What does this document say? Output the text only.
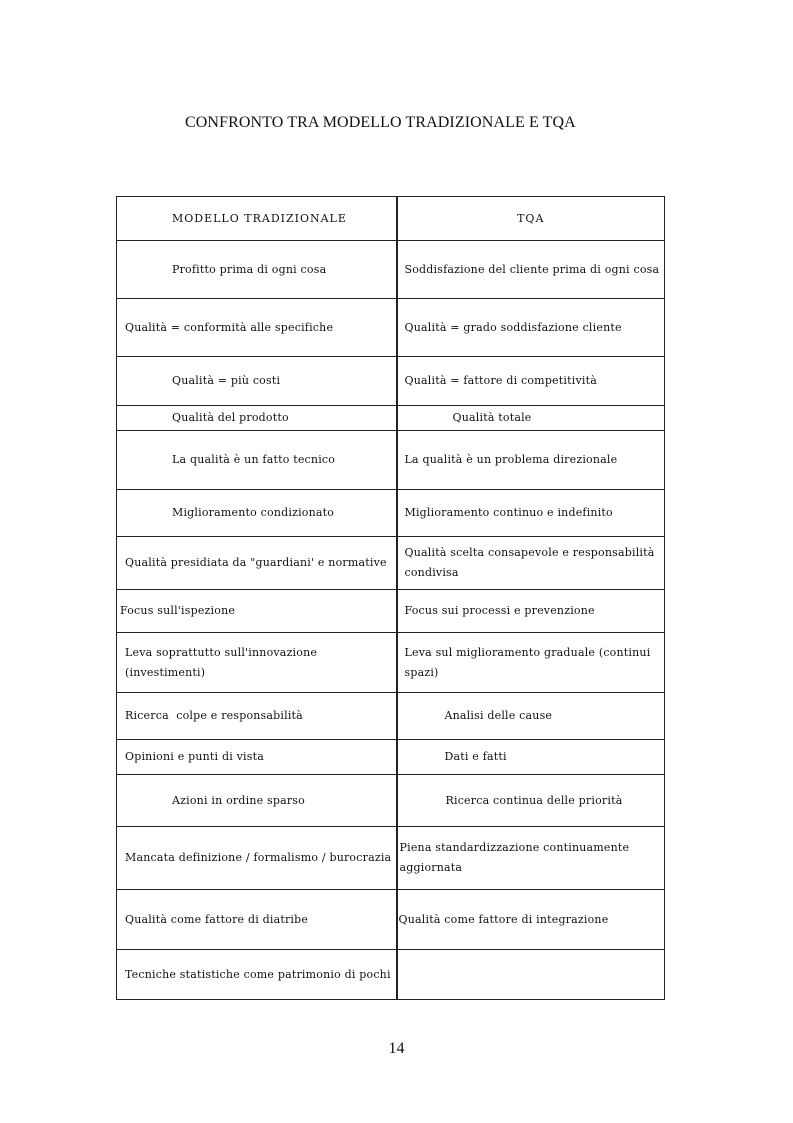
CONFRONTO TRA MODELLO TRADIZIONALE E TQA
MODELLO TRADIZIONALE	TQA

Profitto prima di ogni cosa	Soddisfazione del cliente prima di ogni cosa

Qualità = conformità alle specifiche	Qualità = grado soddisfazione cliente

Qualità = più costi	Qualità = fattore di competitività

Qualità del prodotto	Qualità totale

La qualità è un fatto tecnico	La qualità è un problema direzionale

Miglioramento condizionato	Miglioramento continuo e indefinito

Qualità presidiata da "guardiani' e normative	Qualità scelta consapevole e responsabilità condivisa

Focus sull'ispezione	Focus sui processi e prevenzione

Leva soprattutto sull'innovazione (investimenti)	Leva sul miglioramento graduale (continui spazi)

Ricerca  colpe e responsabilità	Analisi delle cause

Opinioni e punti di vista	Dati e fatti

Azioni in ordine sparso	Ricerca continua delle priorità

Mancata definizione / formalismo / burocrazia	Piena standardizzazione continuamente aggiornata

Qualità come fattore di diatribe	Qualità come fattore di integrazione

Tecniche statistiche come patrimonio di pochi	

14
